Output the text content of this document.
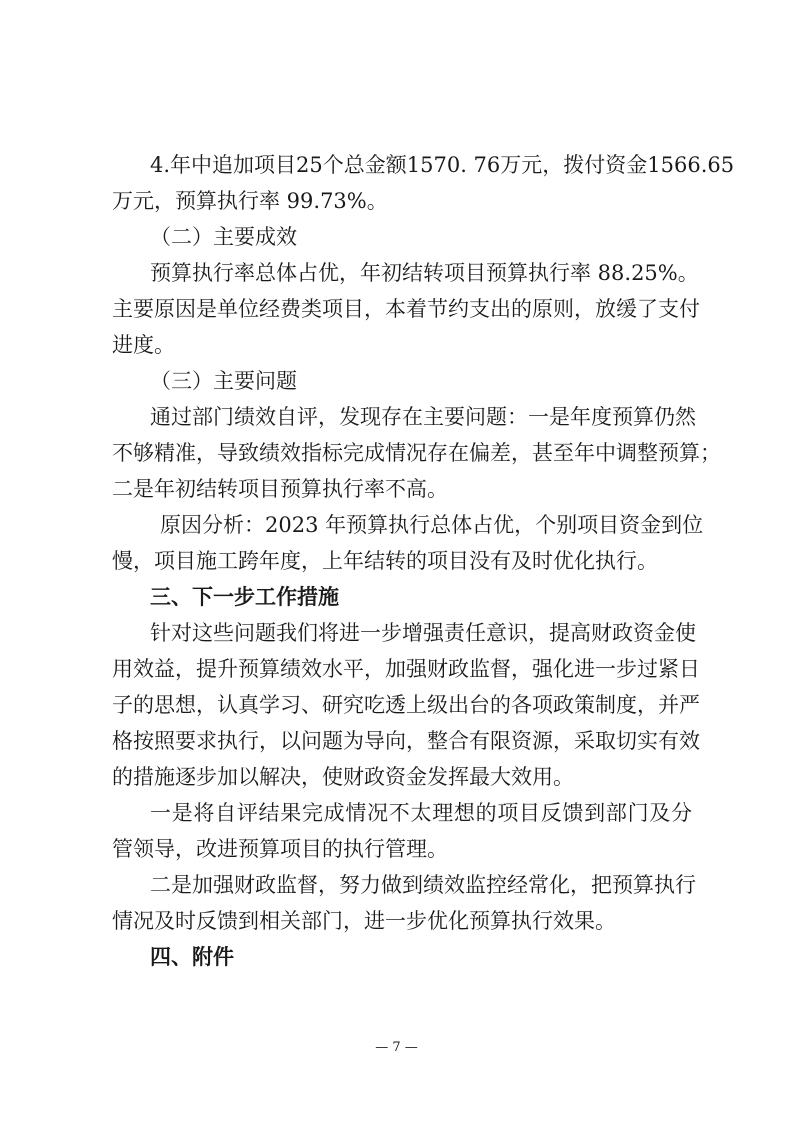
4.年中追加项目25个总金额1570. 76万元，拨付资金1566.65
万元，预算执行率 99.73%。
（二）主要成效
预算执行率总体占优，年初结转项目预算执行率 88.25%。
主要原因是单位经费类项目，本着节约支出的原则，放缓了支付
进度。
（三）主要问题
通过部门绩效自评，发现存在主要问题：一是年度预算仍然
不够精准，导致绩效指标完成情况存在偏差，甚至年中调整预算；
二是年初结转项目预算执行率不高。
原因分析：2023 年预算执行总体占优，个别项目资金到位
慢，项目施工跨年度，上年结转的项目没有及时优化执行。
三、下一步工作措施
针对这些问题我们将进一步增强责任意识，提高财政资金使
用效益，提升预算绩效水平，加强财政监督，强化进一步过紧日
子的思想，认真学习、研究吃透上级出台的各项政策制度，并严
格按照要求执行，以问题为导向，整合有限资源，采取切实有效
的措施逐步加以解决，使财政资金发挥最大效用。
一是将自评结果完成情况不太理想的项目反馈到部门及分
管领导，改进预算项目的执行管理。
二是加强财政监督，努力做到绩效监控经常化，把预算执行
情况及时反馈到相关部门，进一步优化预算执行效果。
四、附件
— 7 —
